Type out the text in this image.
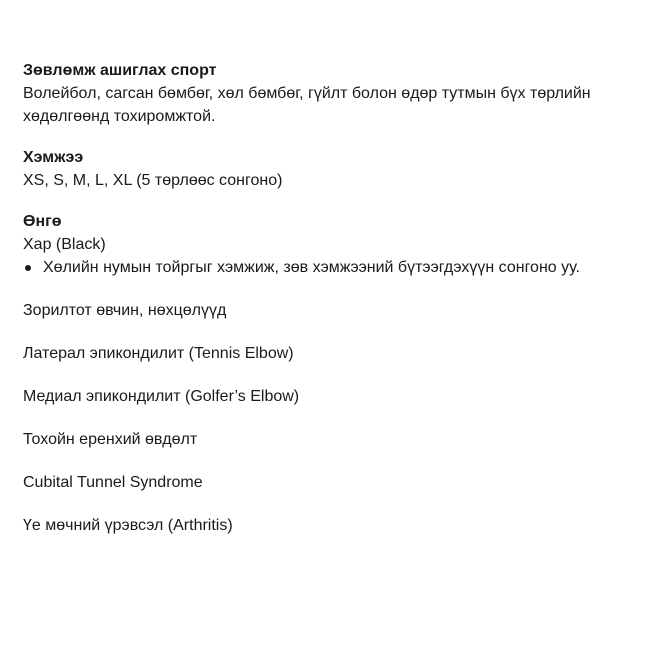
Зөвлөмж ашиглах спорт

Волейбол, сагсан бөмбөг, хөл бөмбөг, гүйлт болон өдөр тутмын бүх төрлийн хөдөлгөөнд тохиромжтой.

Хэмжээ

XS, S, M, L, XL (5 төрлөөс сонгоно)

Өнгө

Хар (Black)

Хөлийн нумын тойргыг хэмжиж, зөв хэмжээний бүтээгдэхүүн сонгоно уу.

Зорилтот өвчин, нөхцөлүүд

Латерал эпикондилит (Tennis Elbow)

Медиал эпикондилит (Golfer’s Elbow)

Тохойн еренхий өвдөлт

Cubital Tunnel Syndrome

Үе мөчний үрэвсэл (Arthritis)
